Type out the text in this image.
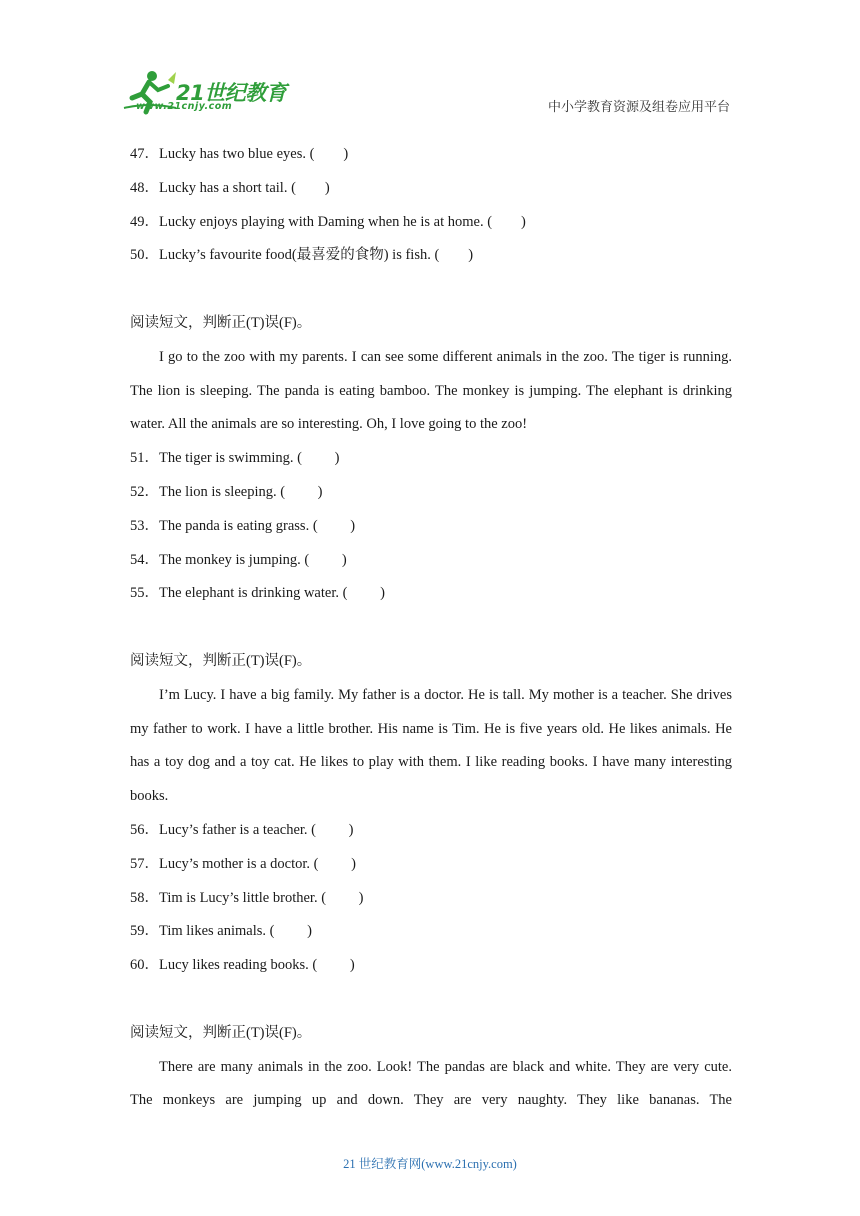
21世纪教育
www.21cnjy.com	中小学教育资源及组卷应用平台
47．Lucky has two blue eyes. (　　)
48．Lucky has a short tail. (　　)
49．Lucky enjoys playing with Daming when he is at home. (　　)
50．Lucky’s favourite food(最喜爱的食物) is fish. (　　)
阅读短文，判断正(T)误(F)。
I go to the zoo with my parents. I can see some different animals in the zoo. The tiger is running. The lion is sleeping. The panda is eating bamboo. The monkey is jumping. The elephant is drinking water. All the animals are so interesting. Oh, I love going to the zoo!
51．The tiger is swimming. (　　 )
52．The lion is sleeping. (　　 )
53．The panda is eating grass. (　　 )
54．The monkey is jumping. (　　 )
55．The elephant is drinking water. (　　 )
阅读短文，判断正(T)误(F)。
I’m Lucy. I have a big family. My father is a doctor. He is tall. My mother is a teacher. She drives my father to work. I have a little brother. His name is Tim. He is five years old. He likes animals. He has a toy dog and a toy cat. He likes to play with them. I like reading books. I have many interesting books.
56．Lucy’s father is a teacher. (　　 )
57．Lucy’s mother is a doctor. (　　 )
58．Tim is Lucy’s little brother. (　　 )
59．Tim likes animals. (　　 )
60．Lucy likes reading books. (　　 )
阅读短文，判断正(T)误(F)。
There are many animals in the zoo. Look! The pandas are black and white. They are very cute. The monkeys are jumping up and down. They are very naughty. They like bananas. The
21 世纪教育网(www.21cnjy.com)
